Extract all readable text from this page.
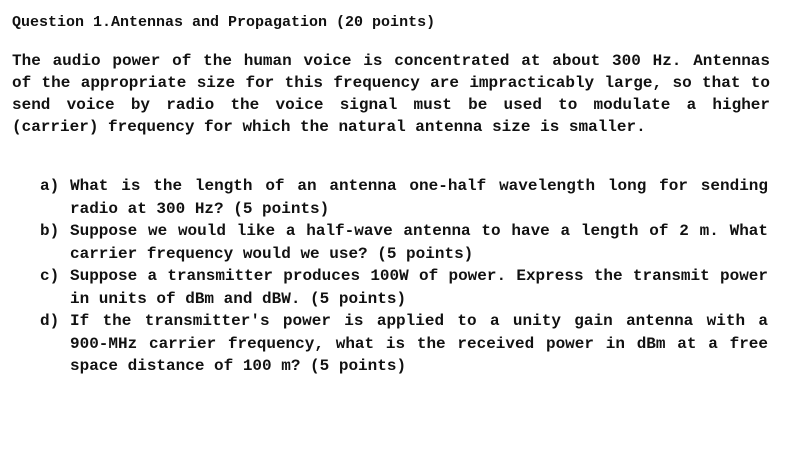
Question 1.Antennas and Propagation (20 points)
The audio power of the human voice is concentrated at about 300 Hz. Antennas of the appropriate size for this frequency are impracticably large, so that to send voice by radio the voice signal must be used to modulate a higher (carrier) frequency for which the natural antenna size is smaller.
a) What is the length of an antenna one-half wavelength long for sending radio at 300 Hz? (5 points)
b) Suppose we would like a half-wave antenna to have a length of 2 m. What carrier frequency would we use? (5 points)
c) Suppose a transmitter produces 100W of power. Express the transmit power in units of dBm and dBW. (5 points)
d) If the transmitter's power is applied to a unity gain antenna with a 900-MHz carrier frequency, what is the received power in dBm at a free space distance of 100 m? (5 points)
